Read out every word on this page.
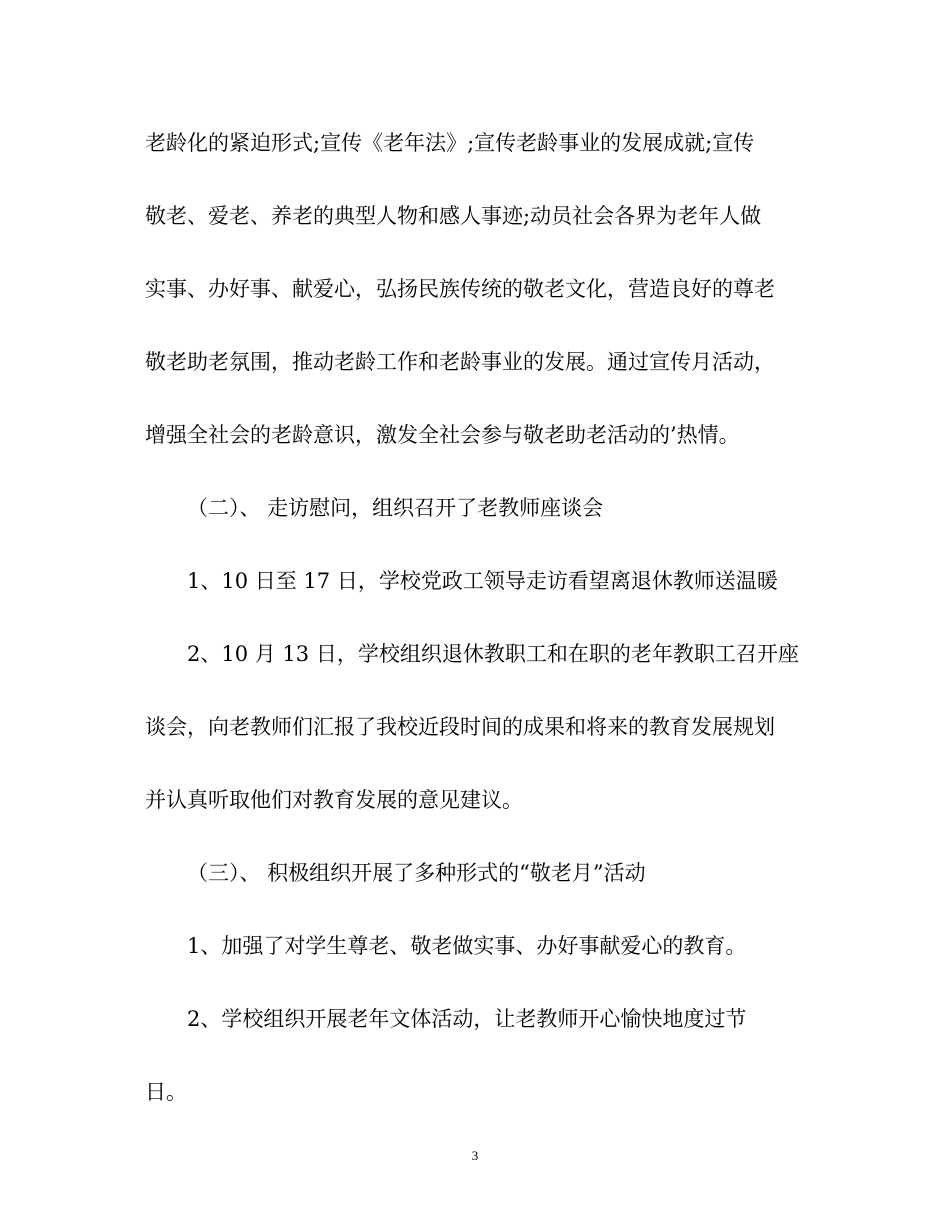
老龄化的紧迫形式;宣传《老年法》;宣传老龄事业的发展成就;宣传
敬老、爱老、养老的典型人物和感人事迹;动员社会各界为老年人做
实事、办好事、献爱心，弘扬民族传统的敬老文化，营造良好的尊老
敬老助老氛围，推动老龄工作和老龄事业的发展。通过宣传月活动，
增强全社会的老龄意识，激发全社会参与敬老助老活动的’热情。
（二）、 走访慰问，组织召开了老教师座谈会
1、10 日至 17 日，学校党政工领导走访看望离退休教师送温暖
2、10 月 13 日，学校组织退休教职工和在职的老年教职工召开座
谈会，向老教师们汇报了我校近段时间的成果和将来的教育发展规划
并认真听取他们对教育发展的意见建议。
（三）、 积极组织开展了多种形式的“敬老月”活动
1、加强了对学生尊老、敬老做实事、办好事献爱心的教育。
2、学校组织开展老年文体活动，让老教师开心愉快地度过节
日。
3
